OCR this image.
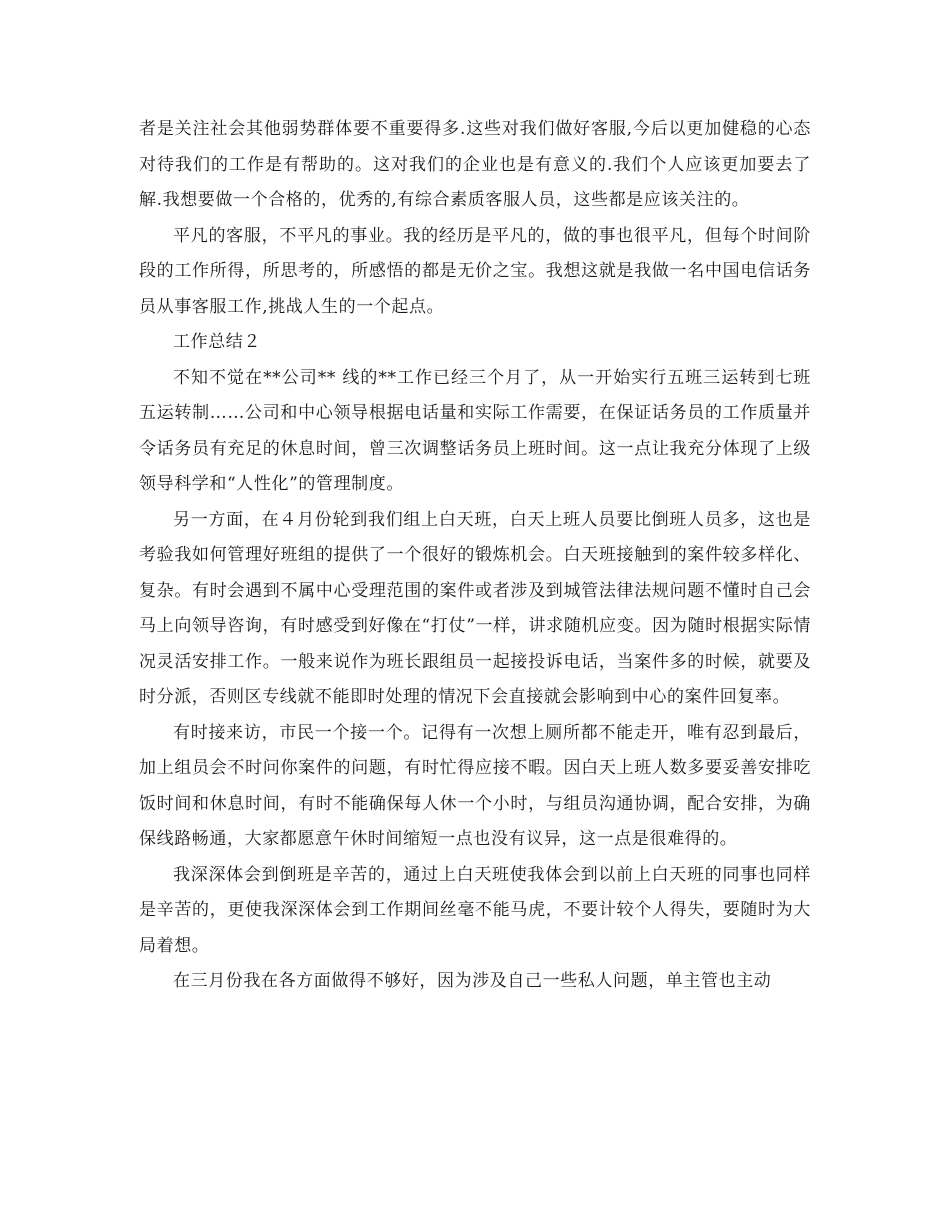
者是关注社会其他弱势群体要不重要得多.这些对我们做好客服,今后以更加健稳的心态对待我们的工作是有帮助的。这对我们的企业也是有意义的.我们个人应该更加要去了解.我想要做一个合格的，优秀的,有综合素质客服人员，这些都是应该关注的。

平凡的客服，不平凡的事业。我的经历是平凡的，做的事也很平凡，但每个时间阶段的工作所得，所思考的，所感悟的都是无价之宝。我想这就是我做一名中国电信话务员从事客服工作,挑战人生的一个起点。

工作总结２

不知不觉在**公司** 线的**工作已经三个月了，从一开始实行五班三运转到七班五运转制……公司和中心领导根据电话量和实际工作需要，在保证话务员的工作质量并令话务员有充足的休息时间，曾三次调整话务员上班时间。这一点让我充分体现了上级领导科学和“人性化”的管理制度。

另一方面，在４月份轮到我们组上白天班，白天上班人员要比倒班人员多，这也是考验我如何管理好班组的提供了一个很好的锻炼机会。白天班接触到的案件较多样化、复杂。有时会遇到不属中心受理范围的案件或者涉及到城管法律法规问题不懂时自己会马上向领导咨询，有时感受到好像在“打仗”一样，讲求随机应变。因为随时根据实际情况灵活安排工作。一般来说作为班长跟组员一起接投诉电话，当案件多的时候，就要及时分派，否则区专线就不能即时处理的情况下会直接就会影响到中心的案件回复率。

有时接来访，市民一个接一个。记得有一次想上厕所都不能走开，唯有忍到最后，加上组员会不时问你案件的问题，有时忙得应接不暇。因白天上班人数多要妥善安排吃饭时间和休息时间，有时不能确保每人休一个小时，与组员沟通协调，配合安排，为确保线路畅通，大家都愿意午休时间缩短一点也没有议异，这一点是很难得的。

我深深体会到倒班是辛苦的，通过上白天班使我体会到以前上白天班的同事也同样是辛苦的，更使我深深体会到工作期间丝毫不能马虎，不要计较个人得失，要随时为大局着想。

在三月份我在各方面做得不够好，因为涉及自己一些私人问题，单主管也主动
